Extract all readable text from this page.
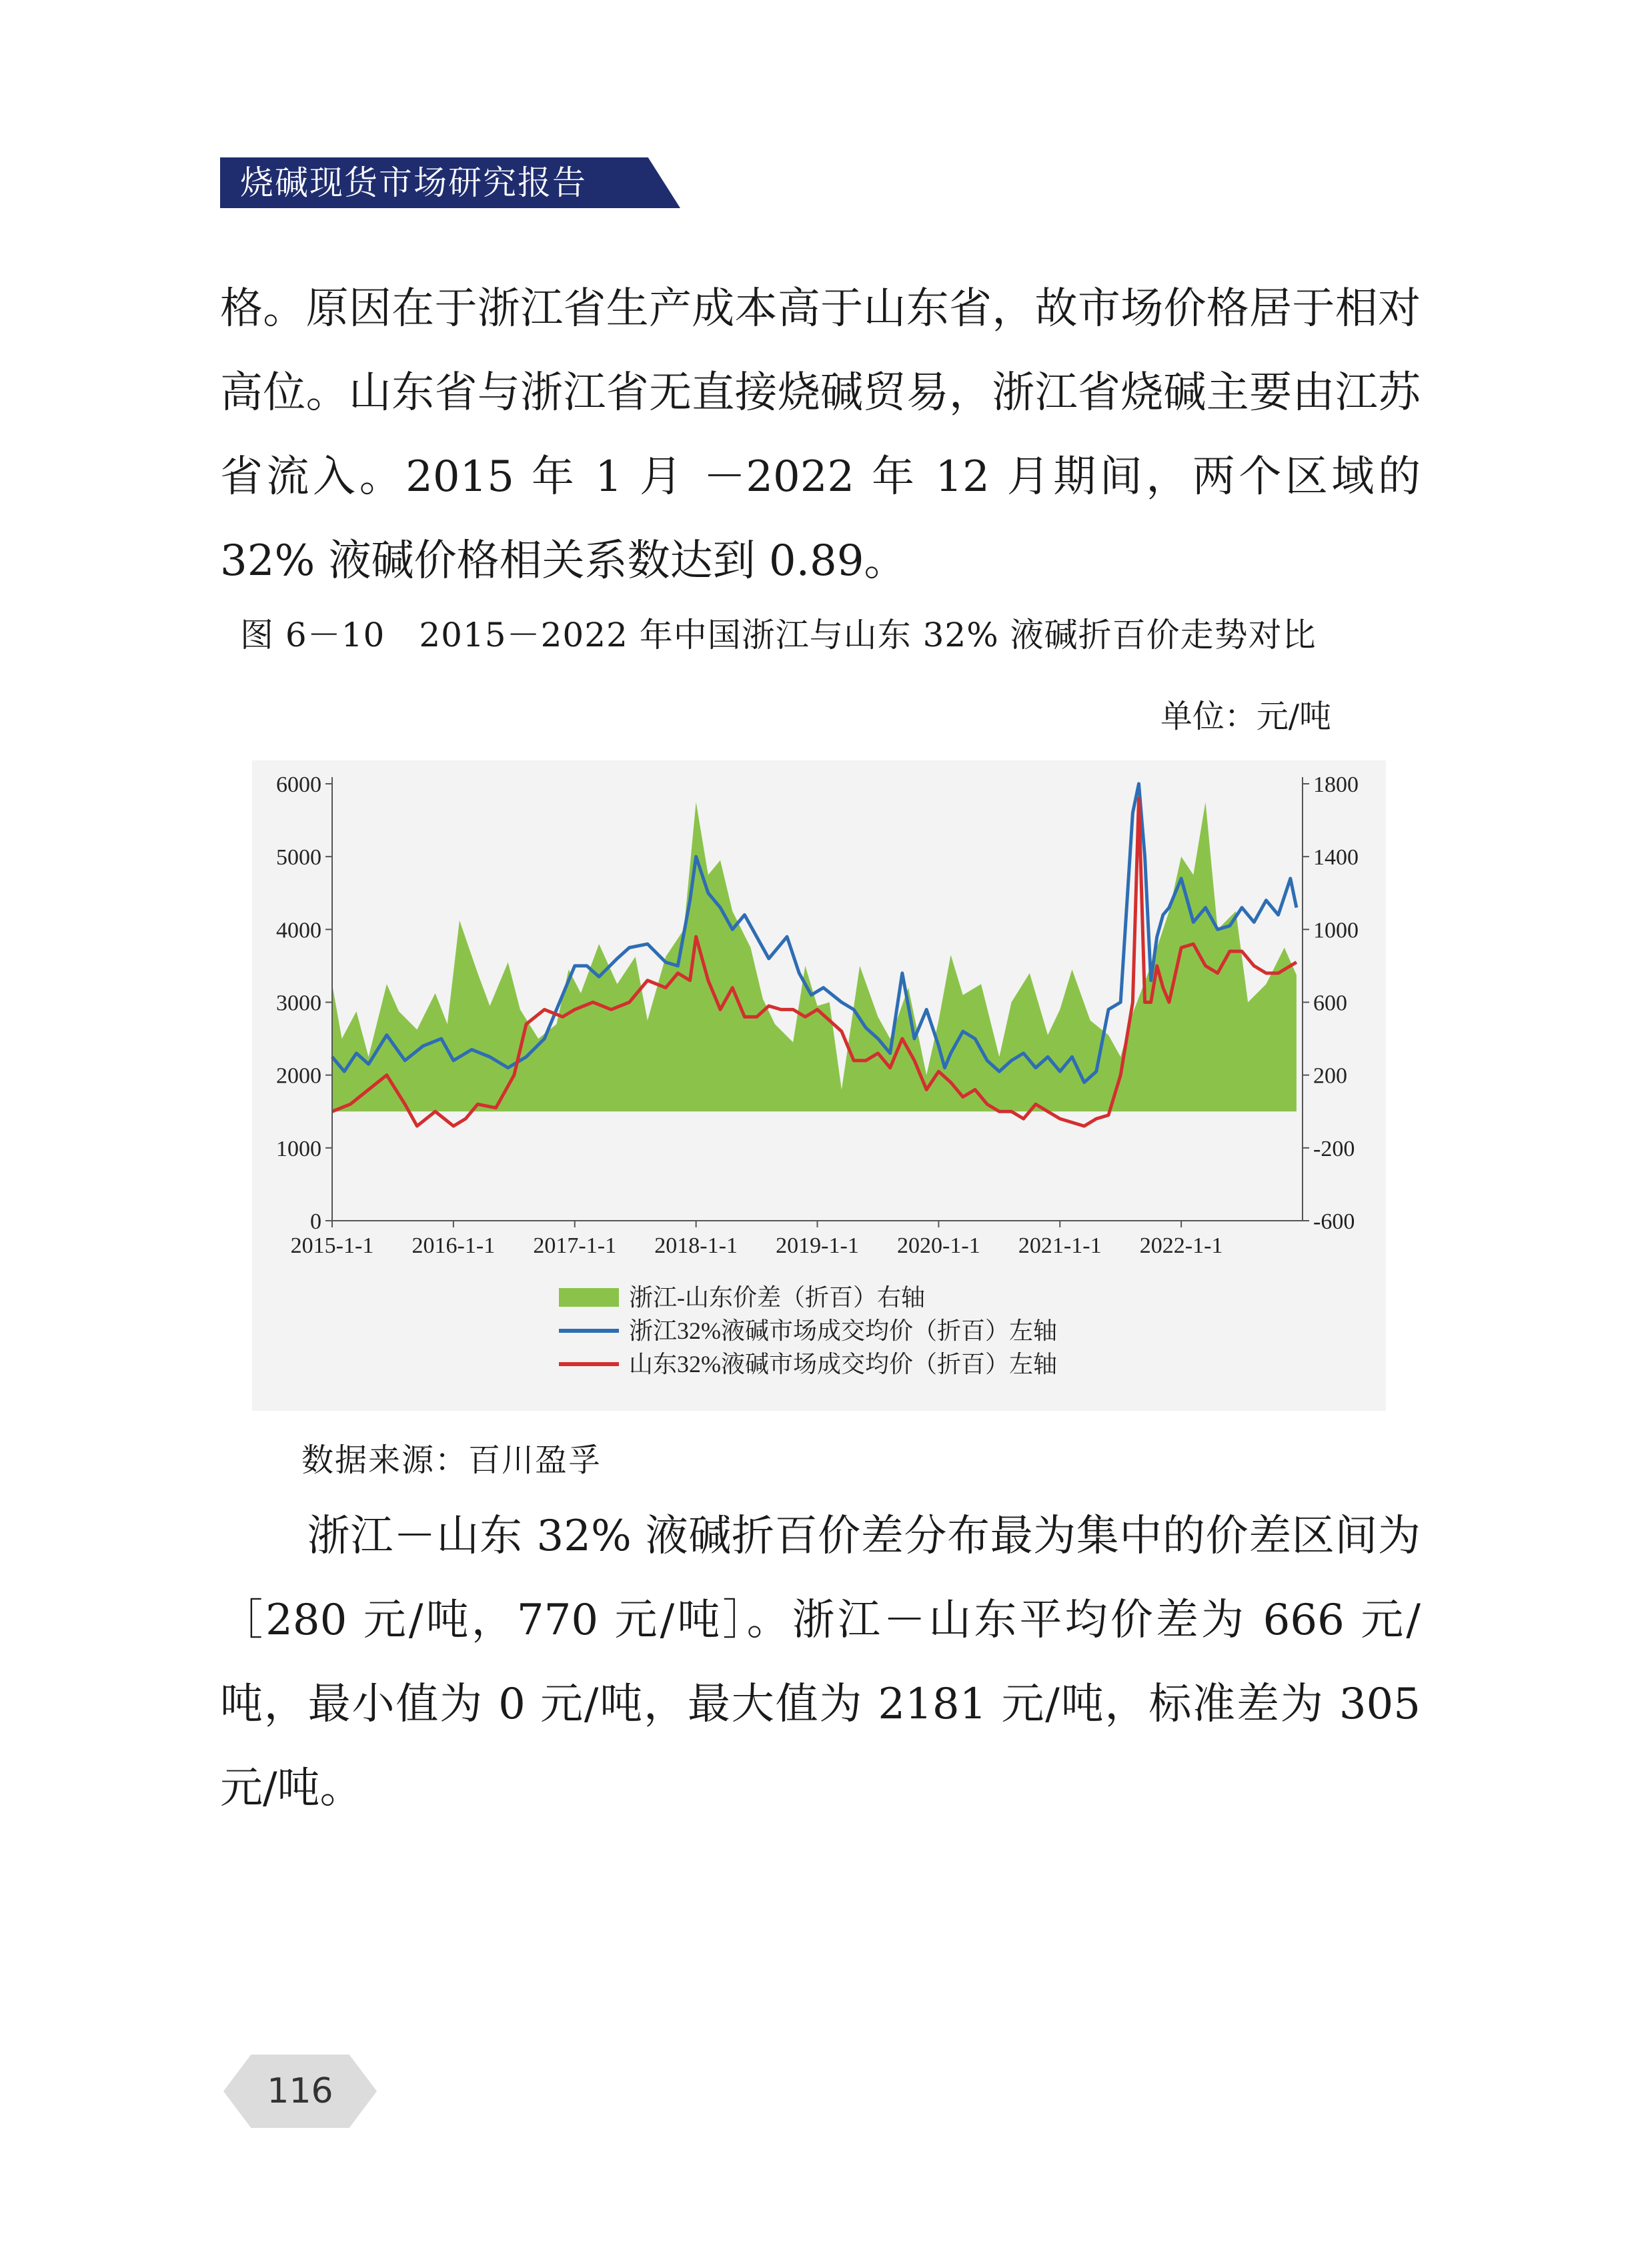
烧碱现货市场研究报告

格。原因在于浙江省生产成本高于山东省，故市场价格居于相对高位。山东省与浙江省无直接烧碱贸易，浙江省烧碱主要由江苏省流入。2015 年 1 月 －2022 年 12 月期间，两个区域的 32% 液碱价格相关系数达到 0.89。

图 6－10　2015－2022 年中国浙江与山东 32% 液碱折百价走势对比
单位：元/吨
0
1000
2000
3000
4000
5000
6000
-600
-200
200
600
1000
1400
1800
2015-1-1 2016-1-1 2017-1-1 2018-1-1 2019-1-1 2020-1-1 2021-1-1 2022-1-1
浙江-山东价差（折百）右轴
浙江32%液碱市场成交均价（折百）左轴
山东32%液碱市场成交均价（折百）左轴
数据来源：百川盈孚

浙江－山东 32% 液碱折百价差分布最为集中的价差区间为［280 元/吨，770 元/吨］。浙江－山东平均价差为 666 元/吨，最小值为 0 元/吨，最大值为 2181 元/吨，标准差为 305 元/吨。

116
